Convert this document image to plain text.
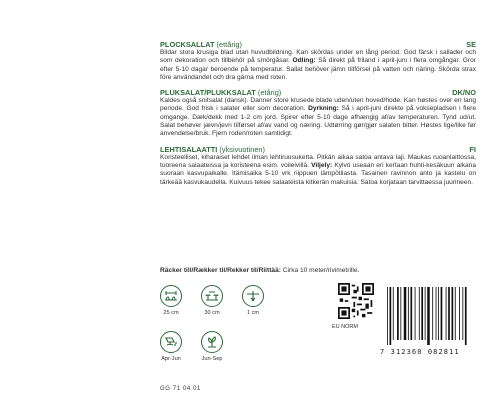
PLOCKSALLAT (ettårig)	SE
Bildar stora krusiga blad utan huvudbildning. Kan skördas under en lång period. God färsk i sallader och som dekoration och tillbehör på smörgåsar. Odling: Så direkt på friland i april-juni i flera omgångar. Gror efter 5-10 dagar beroende på temperatur. Sallat behöver jämn tillförsel på vatten och näring. Skörda strax före användandet och dra gärna med roten.
PLUKSALAT/PLUKKSALAT (etårig)	DK/NO
Kaldes også snitsalat (dansk). Danner store krusede blade uden/uten hoved/hode. Kan høstes over en lang periode. God frisk i salater eller som decoration. Dyrkning: Så i april-juni direkte på voksepladsen i flere omgange. Dæk/dekk med 1-2 cm jord. Spirer efter 5-10 dage afhængig af/av temperaturen. Tynd ud/ut. Salat behøver jævn/jevn tilførsel af/av vand og næring. Udtørring gør/gjør salaten bitter. Høstes lige/like før anvendelse/bruk. Fjern roden/roten samtidigt.
LEHTISALAATTI (yksivuotinen)	FI
Koristeelliset, kiharaiset lehdet ilman lehtiruusuketta. Pitkän aikaa satoa antava laji. Maukas ruoanlaittossa, tuoreena salaateissa ja koristeena esim. voileivillä. Viljely: Kylvö useaan eri kertaan huhti-kesäkuun aikana suoraan kasvupaikalle. Itämisaika 5-10 vrk riippuen lämpötilasta. Tasainen ravinnon anto ja kastelu on tärkeää kasvukaudella. Kuivuus tekee salaateista kitkerän makuisia. Satoa korjataan tarvittaessa juurineen.
Räcker till/Rækker til/Rekker til/Riittää: Cirka 10 meter/rivimetrille.
25 cm	30 cm	1 cm
Apr-Jun	Jun-Sep
EU NORM
7 312360 082811
GG 71 04 01
